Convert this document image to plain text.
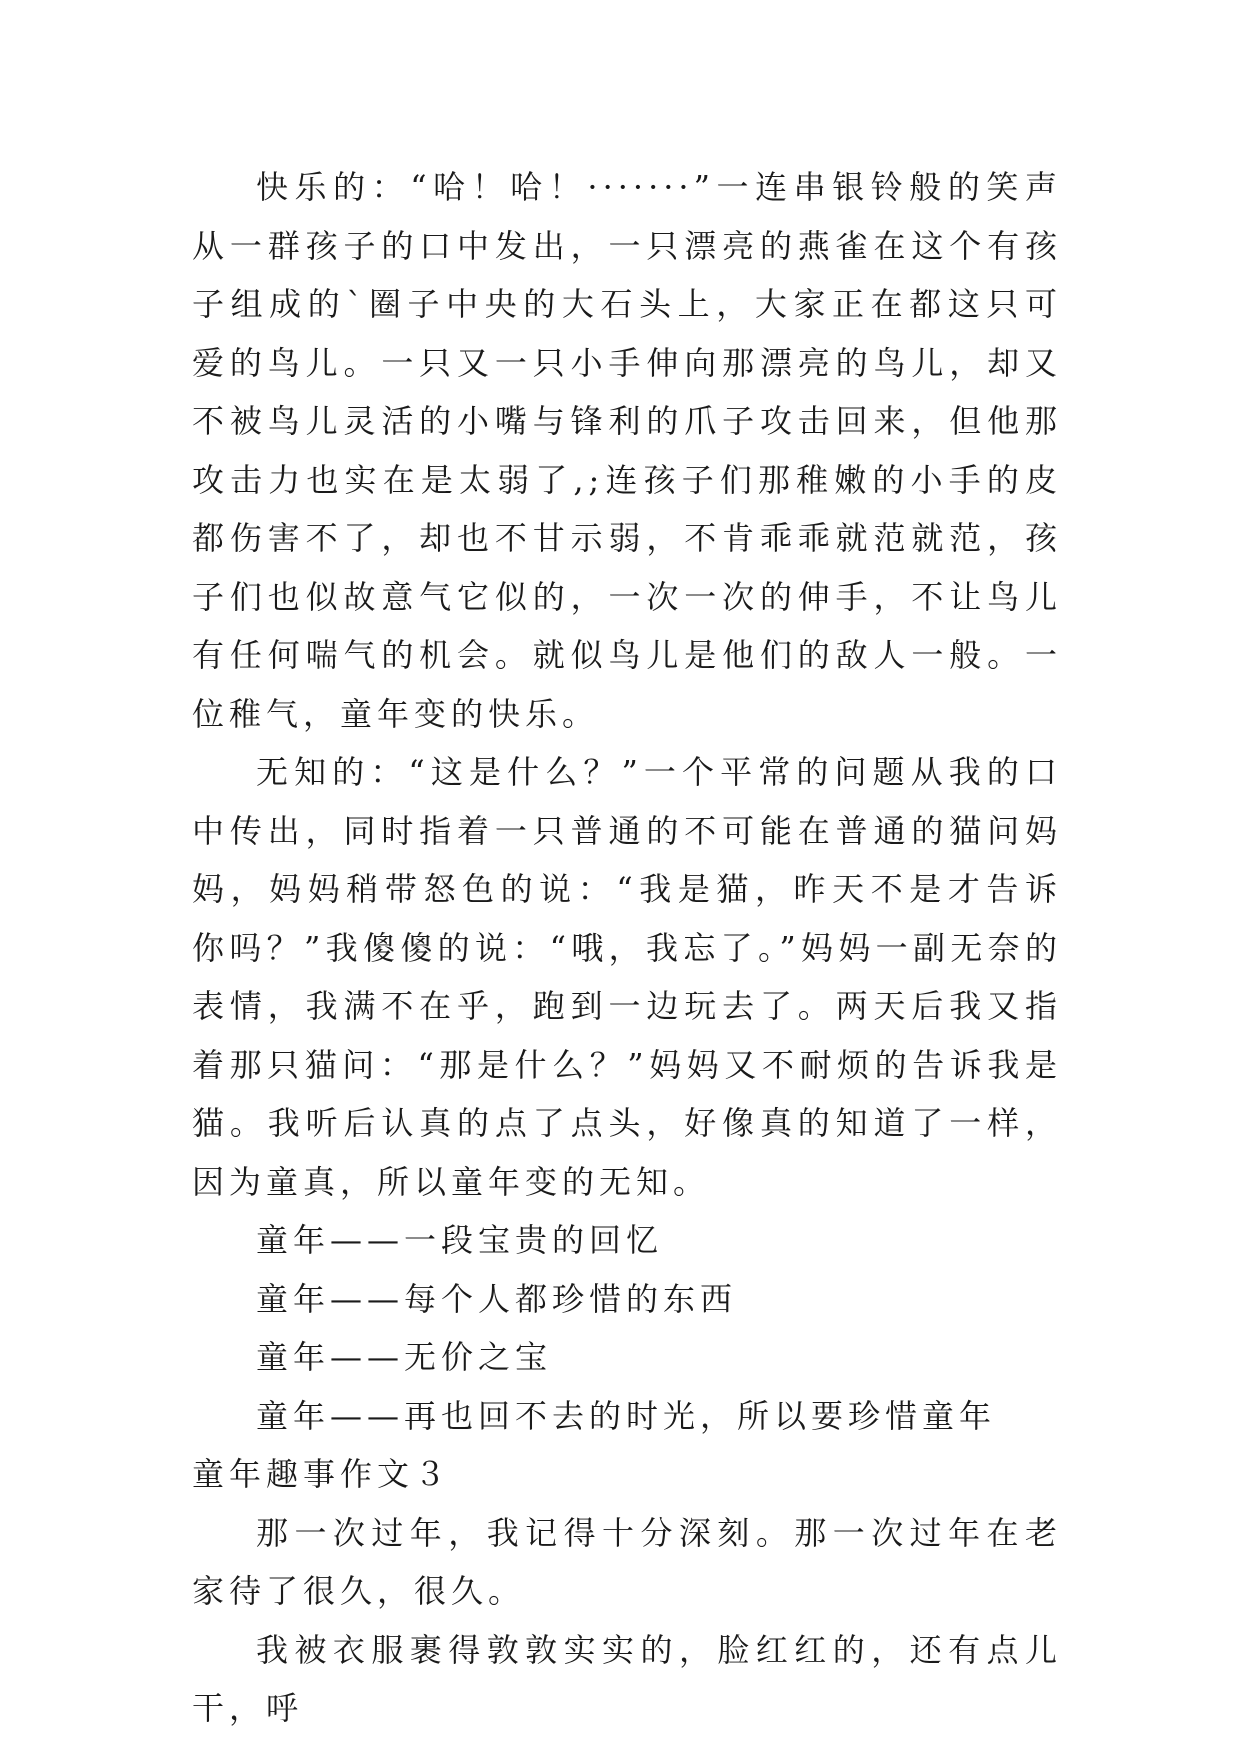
快乐的：“哈！哈！·······”一连串银铃般的笑声从一群孩子的口中发出，一只漂亮的燕雀在这个有孩子组成的`圈子中央的大石头上，大家正在都这只可爱的鸟儿。一只又一只小手伸向那漂亮的鸟儿，却又不被鸟儿灵活的小嘴与锋利的爪子攻击回来，但他那攻击力也实在是太弱了,;连孩子们那稚嫩的小手的皮都伤害不了，却也不甘示弱，不肯乖乖就范就范，孩子们也似故意气它似的，一次一次的伸手，不让鸟儿有任何喘气的机会。就似鸟儿是他们的敌人一般。一位稚气，童年变的快乐。

无知的：“这是什么？”一个平常的问题从我的口中传出，同时指着一只普通的不可能在普通的猫问妈妈，妈妈稍带怒色的说：“我是猫，昨天不是才告诉你吗？”我傻傻的说：“哦，我忘了。”妈妈一副无奈的表情，我满不在乎，跑到一边玩去了。两天后我又指着那只猫问：“那是什么？”妈妈又不耐烦的告诉我是猫。我听后认真的点了点头，好像真的知道了一样，因为童真，所以童年变的无知。

童年——一段宝贵的回忆

童年——每个人都珍惜的东西

童年——无价之宝

童年——再也回不去的时光，所以要珍惜童年

童年趣事作文３

那一次过年，我记得十分深刻。那一次过年在老家待了很久，很久。

我被衣服裹得敦敦实实的，脸红红的，还有点儿干，呼
